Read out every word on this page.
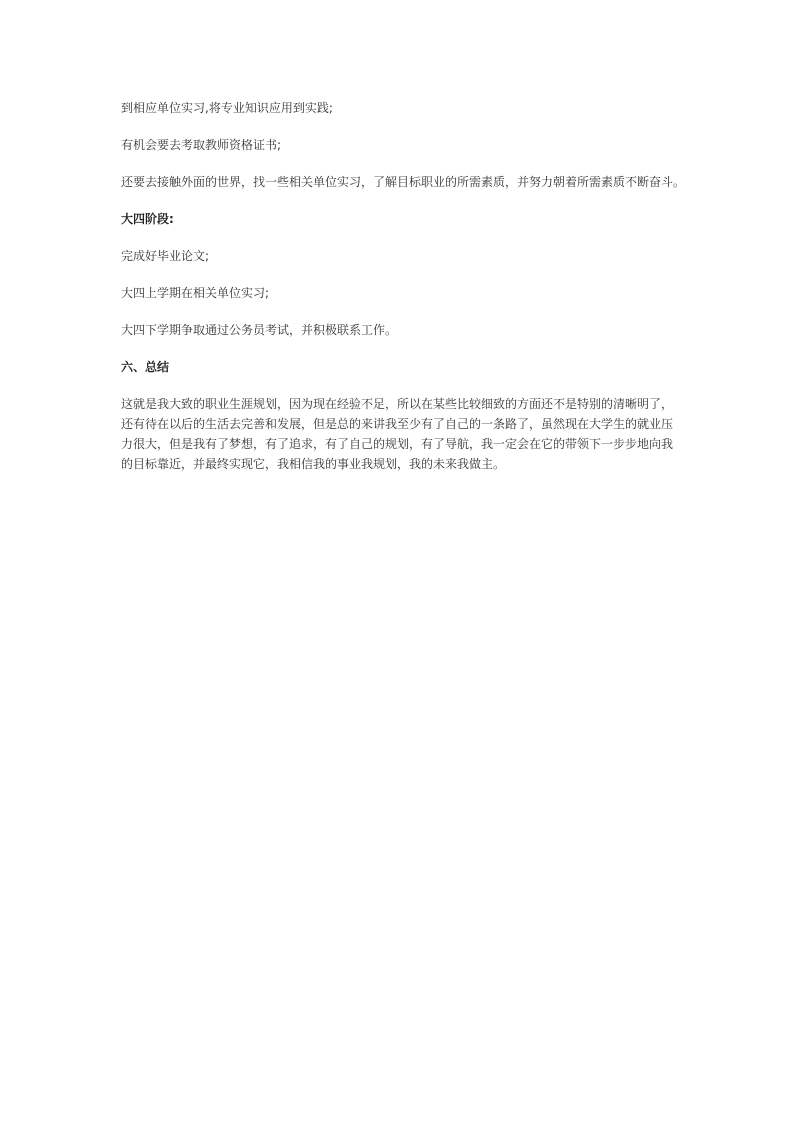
到相应单位实习,将专业知识应用到实践;

有机会要去考取教师资格证书;

还要去接触外面的世界，找一些相关单位实习，了解目标职业的所需素质，并努力朝着所需素质不断奋斗。

大四阶段:

完成好毕业论文;

大四上学期在相关单位实习;

大四下学期争取通过公务员考试，并积极联系工作。

六、总结

这就是我大致的职业生涯规划，因为现在经验不足，所以在某些比较细致的方面还不是特别的清晰明了，
还有待在以后的生活去完善和发展，但是总的来讲我至少有了自己的一条路了，虽然现在大学生的就业压
力很大，但是我有了梦想，有了追求，有了自己的规划，有了导航，我一定会在它的带领下一步步地向我
的目标靠近，并最终实现它，我相信我的事业我规划，我的未来我做主。
